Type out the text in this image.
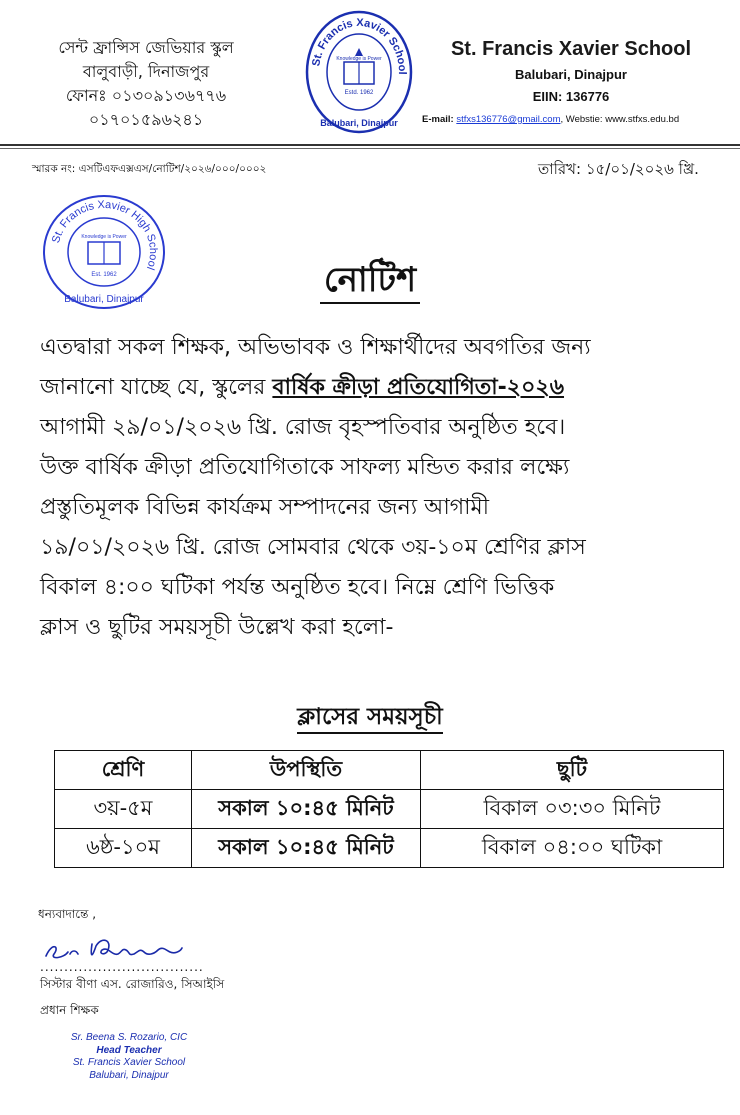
সেন্ট ফ্রান্সিস জেভিয়ার স্কুল
বালুবাড়ী, দিনাজপুর
ফোনঃ ০১৩০৯১৩৬৭৭৬
০১৭০১৫৯৬২৪১
St. Francis Xavier School
Knowledge is Power
Estd. 1962
Balubari, Dinajpur
St. Francis Xavier School
Balubari, Dinajpur
EIIN: 136776
E-mail: stfxs136776@gmail.com, Webstie: www.stfxs.edu.bd
স্মারক নং: এসটিএফএক্সএস/নোটিশ/২০২৬/০০০/০০০২	তারিখ: ১৫/০১/২০২৬ খ্রি.
St. Francis Xavier High School
Knowledge is Power
Est. 1962
Balubari, Dinajpur	নোটিশ
এতদ্বারা সকল শিক্ষক, অভিভাবক ও শিক্ষার্থীদের অবগতির জন্য
জানানো যাচ্ছে যে, স্কুলের বার্ষিক ক্রীড়া প্রতিযোগিতা-২০২৬
আগামী ২৯/০১/২০২৬ খ্রি. রোজ বৃহস্পতিবার অনুষ্ঠিত হবে।
উক্ত বার্ষিক ক্রীড়া প্রতিযোগিতাকে সাফল্য মন্ডিত করার লক্ষ্যে
প্রস্তুতিমূলক বিভিন্ন কার্যক্রম সম্পাদনের জন্য আগামী
১৯/০১/২০২৬ খ্রি. রোজ সোমবার থেকে ৩য়-১০ম শ্রেণির ক্লাস
বিকাল ৪:০০ ঘটিকা পর্যন্ত অনুষ্ঠিত হবে। নিম্নে শ্রেণি ভিত্তিক
ক্লাস ও ছুটির সময়সূচী উল্লেখ করা হলো-
ক্লাসের সময়সূচী
শ্রেণি	উপস্থিতি	ছুটি
৩য়-৫ম	সকাল ১০:৪৫ মিনিট	বিকাল ০৩:৩০ মিনিট
৬ষ্ঠ-১০ম	সকাল ১০:৪৫ মিনিট	বিকাল ০৪:০০ ঘটিকা
ধন্যবাদান্তে ,
..................................
সিস্টার বীণা এস. রোজারিও, সিআইসি
প্রধান শিক্ষক
Sr. Beena S. Rozario, CIC
Head Teacher
St. Francis Xavier School
Balubari, Dinajpur
